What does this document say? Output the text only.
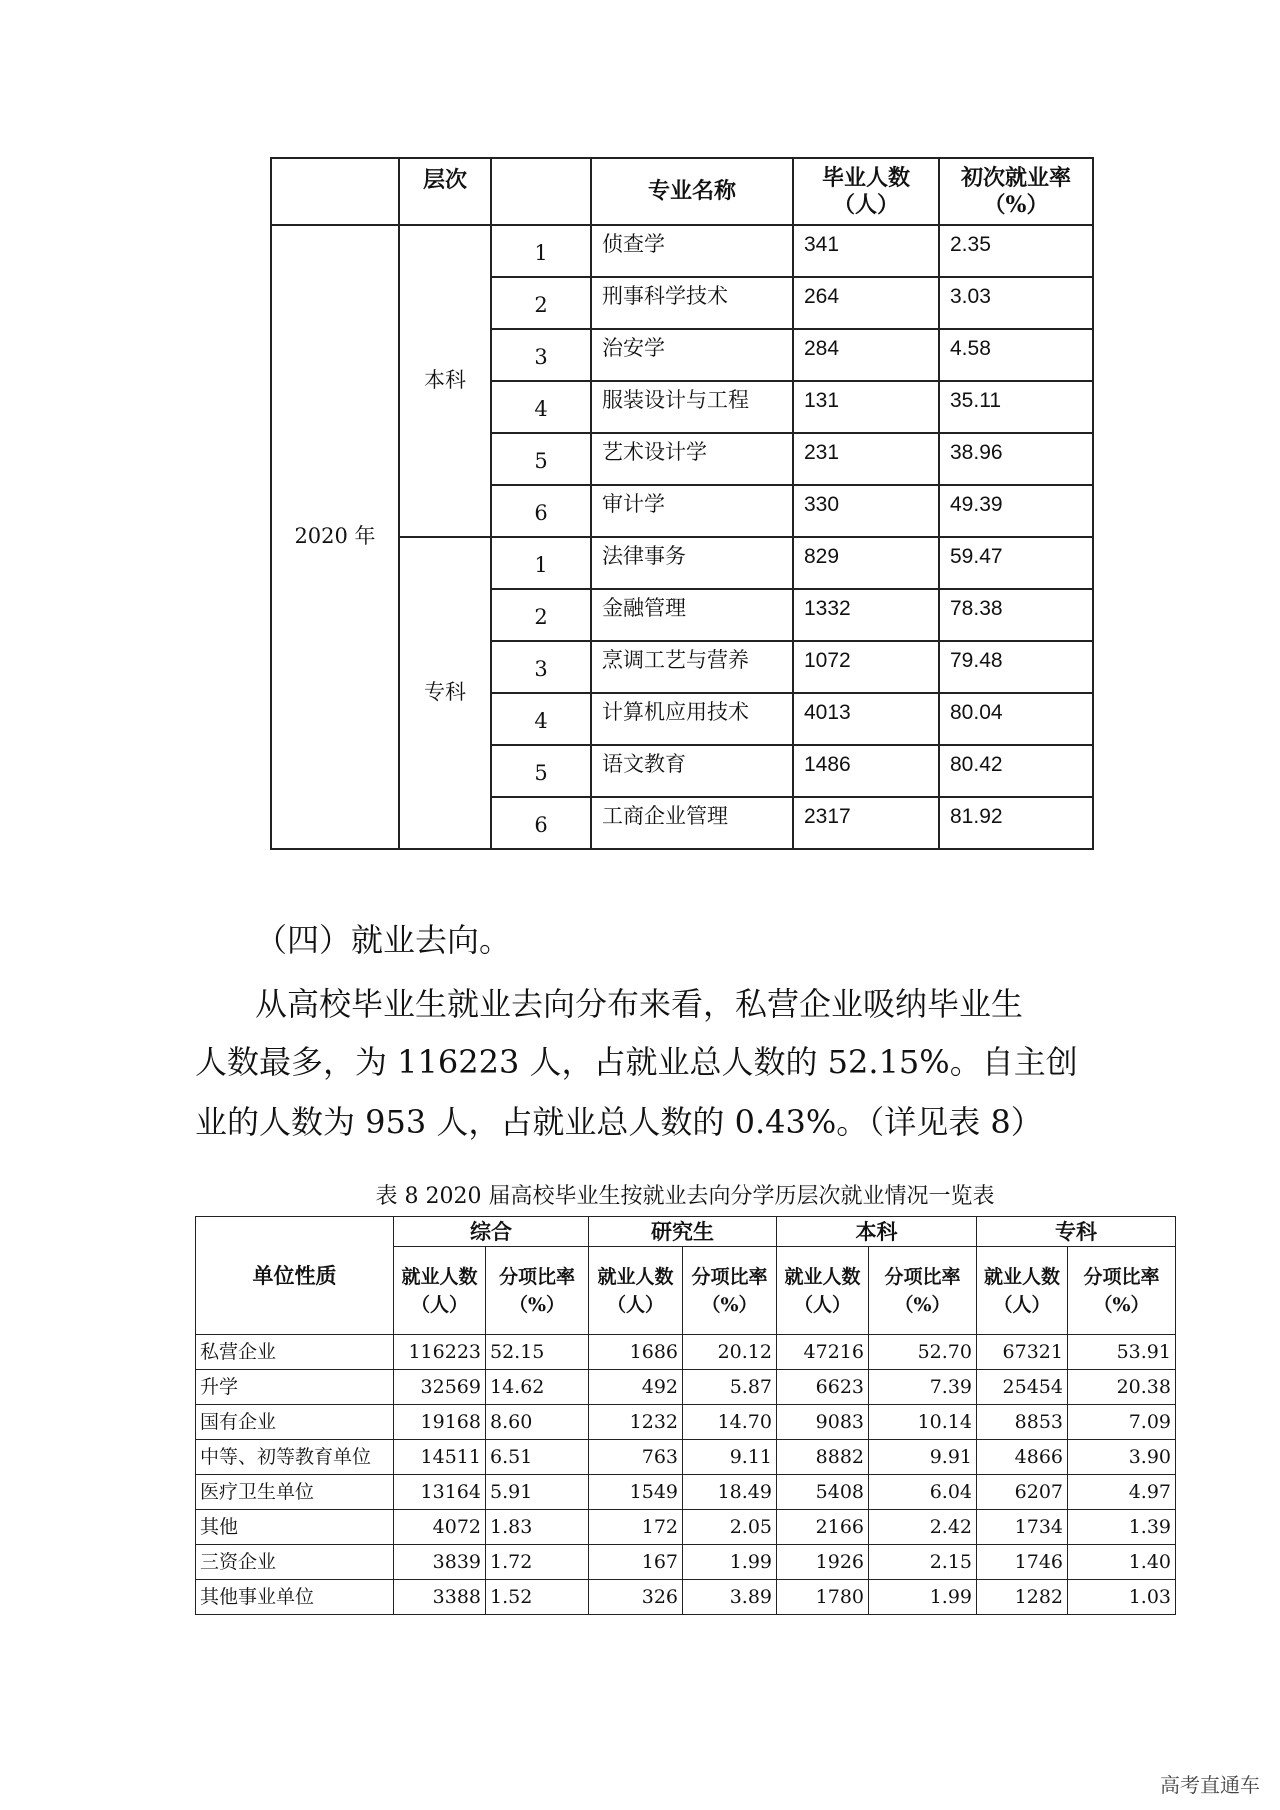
	层次		专业名称	毕业人数（人）	初次就业率（%）
2020 年	本科	1	侦查学	341	2.35
		2	刑事科学技术	264	3.03
		3	治安学	284	4.58
		4	服装设计与工程	131	35.11
		5	艺术设计学	231	38.96
		6	审计学	330	49.39
	专科	1	法律事务	829	59.47
		2	金融管理	1332	78.38
		3	烹调工艺与营养	1072	79.48
		4	计算机应用技术	4013	80.04
		5	语文教育	1486	80.42
		6	工商企业管理	2317	81.92
（四）就业去向。
从高校毕业生就业去向分布来看，私营企业吸纳毕业生
人数最多，为 116223 人，占就业总人数的 52.15%。自主创
业的人数为 953 人，占就业总人数的 0.43%。（详见表 8）
表 8 2020 届高校毕业生按就业去向分学历层次就业情况一览表
单位性质	综合		研究生		本科		专科	
	就业人数（人）	分项比率（%）	就业人数（人）	分项比率（%）	就业人数（人）	分项比率（%）	就业人数（人）	分项比率（%）
私营企业	116223	52.15	1686	20.12	47216	52.70	67321	53.91
升学	32569	14.62	492	5.87	6623	7.39	25454	20.38
国有企业	19168	8.60	1232	14.70	9083	10.14	8853	7.09
中等、初等教育单位	14511	6.51	763	9.11	8882	9.91	4866	3.90
医疗卫生单位	13164	5.91	1549	18.49	5408	6.04	6207	4.97
其他	4072	1.83	172	2.05	2166	2.42	1734	1.39
三资企业	3839	1.72	167	1.99	1926	2.15	1746	1.40
其他事业单位	3388	1.52	326	3.89	1780	1.99	1282	1.03
高考直通车
